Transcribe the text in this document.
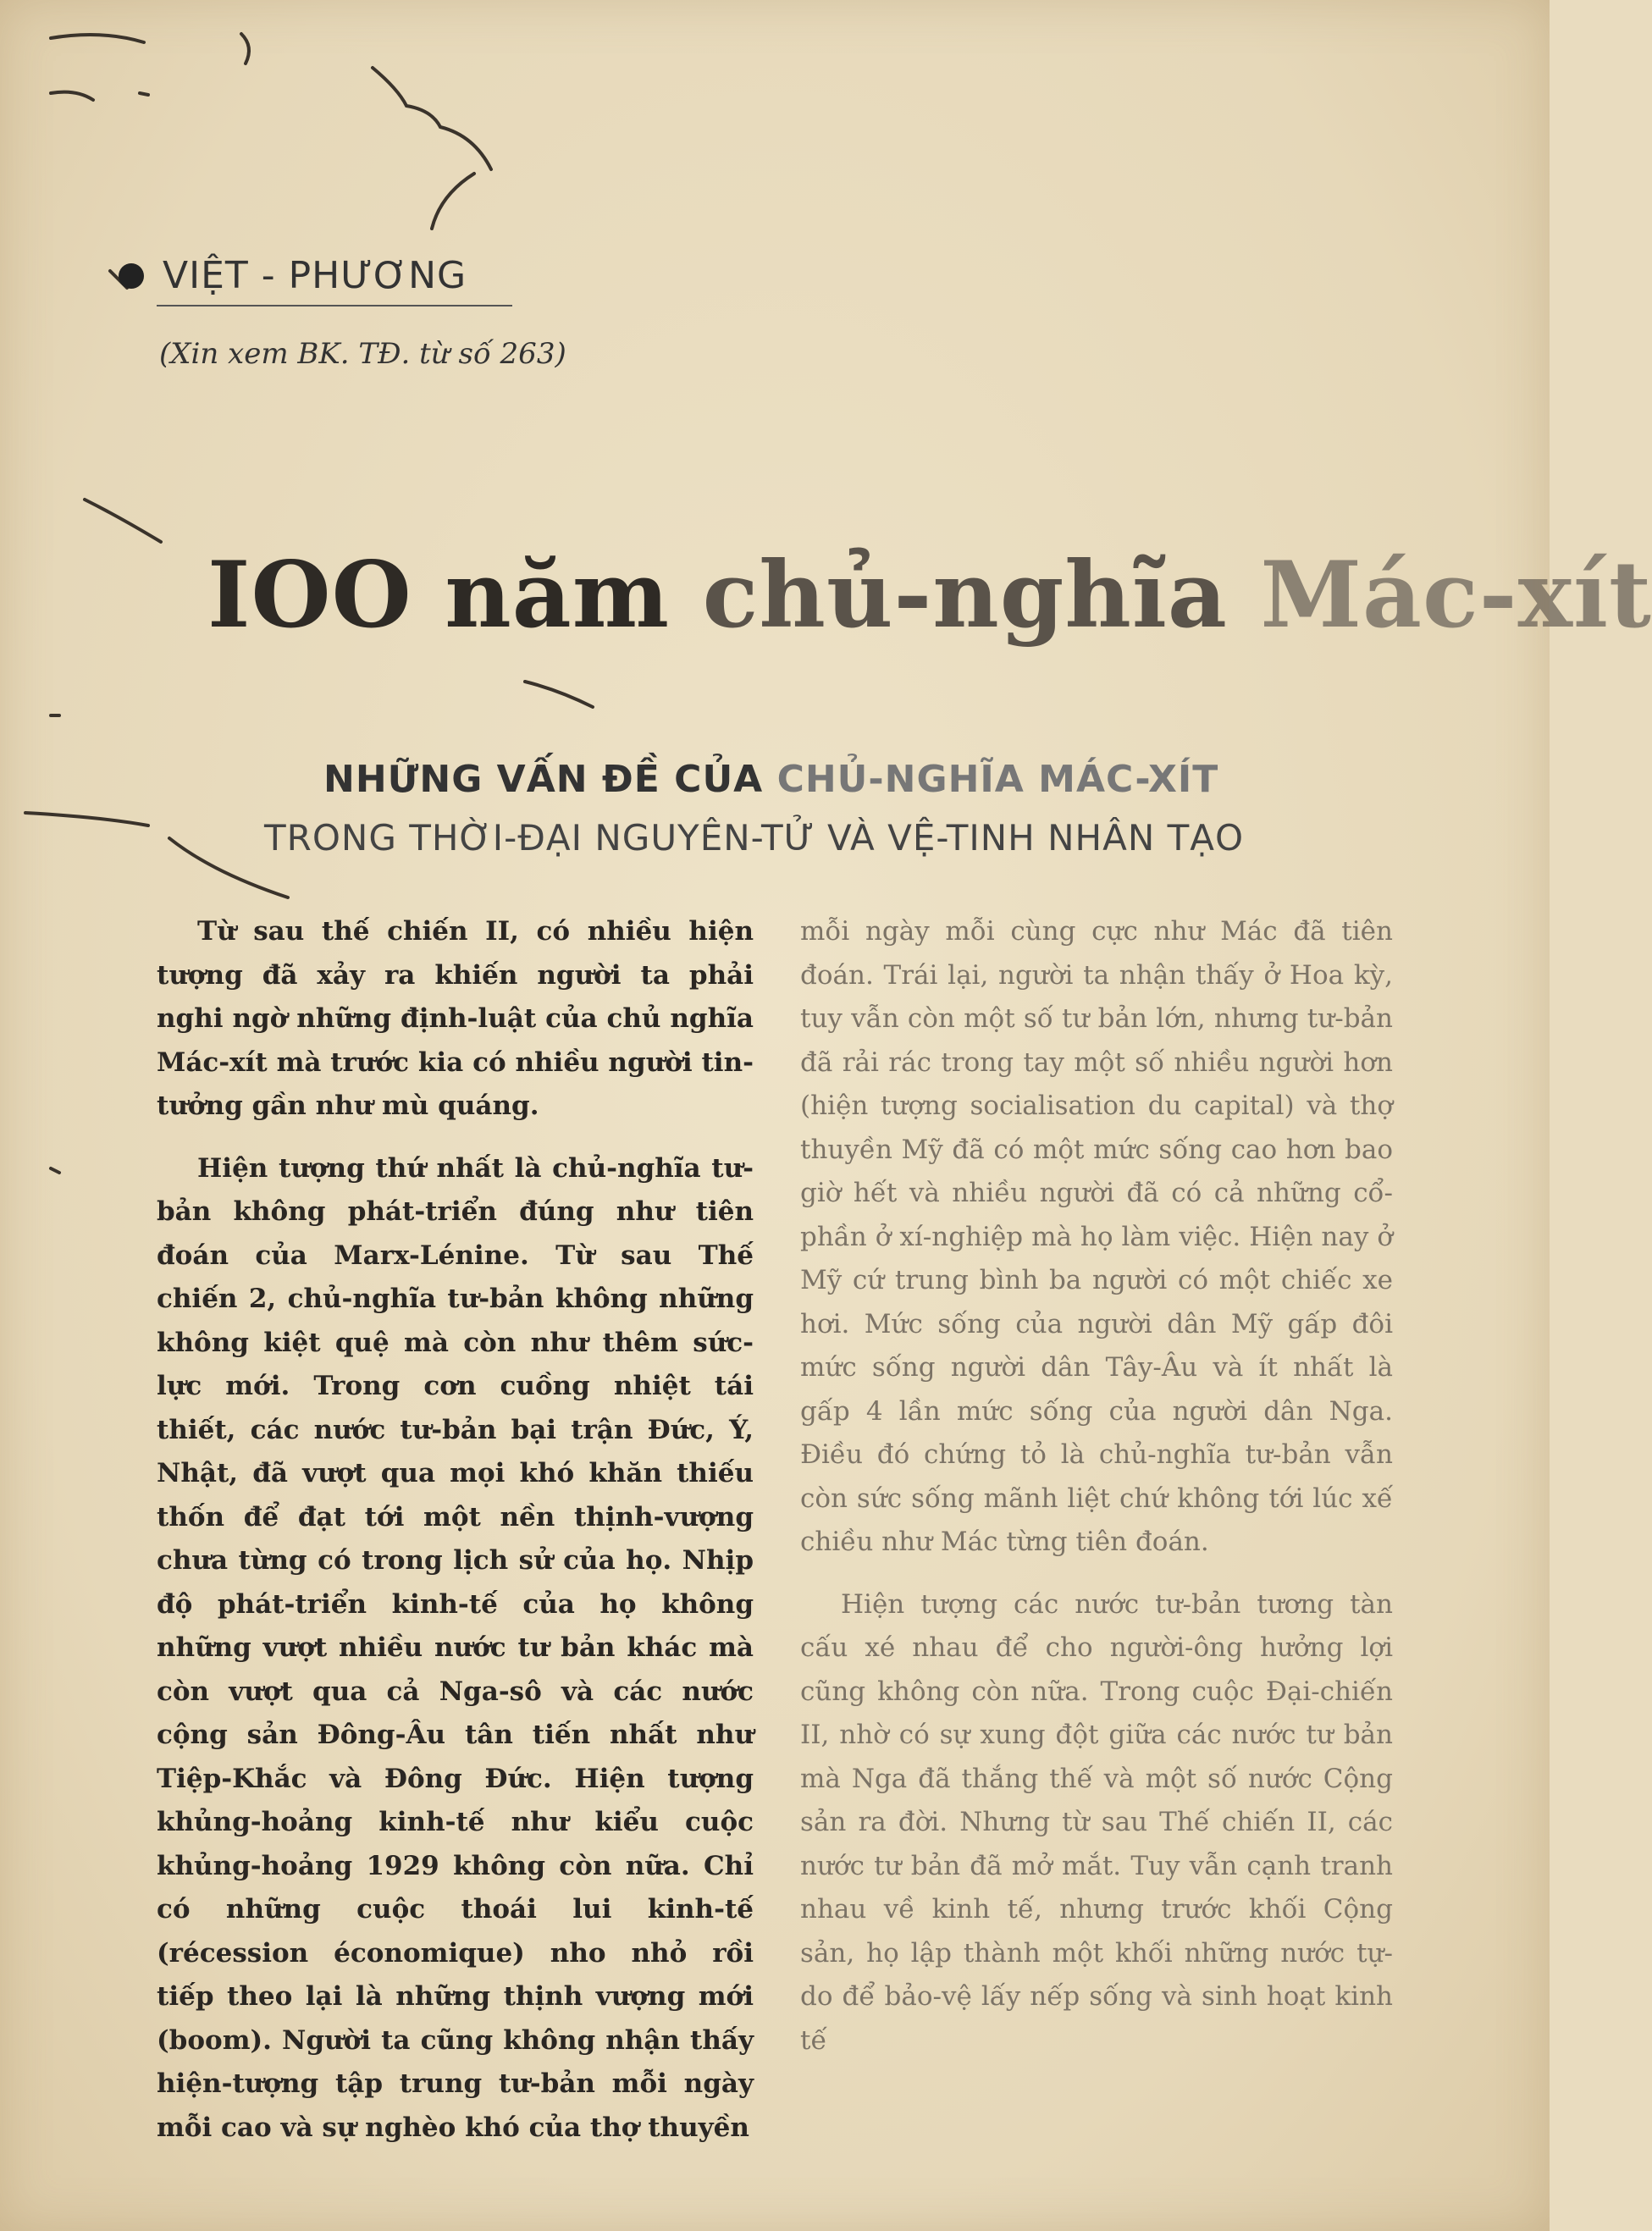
VIỆT - PHƯƠNG
(Xin xem BK. TĐ. từ số 263)
IOO năm chủ-nghĩa Mác-xít
NHỮNG VẤN ĐỀ CỦA CHỦ-NGHĨA MÁC-XÍT
TRONG THỜI-ĐẠI NGUYÊN-TỬ VÀ VỆ-TINH NHÂN TẠO

Từ sau thế chiến II, có nhiều hiện tượng đã xảy ra khiến người ta phải nghi ngờ những định-luật của chủ nghĩa Mác-xít mà trước kia có nhiều người tin-tưởng gần như mù quáng.

Hiện tượng thứ nhất là chủ-nghĩa tư-bản không phát-triển đúng như tiên đoán của Marx-Lénine. Từ sau Thế chiến 2, chủ-nghĩa tư-bản không những không kiệt quệ mà còn như thêm sức-lực mới. Trong cơn cuồng nhiệt tái thiết, các nước tư-bản bại trận Đức, Ý, Nhật, đã vượt qua mọi khó khăn thiếu thốn để đạt tới một nền thịnh-vượng chưa từng có trong lịch sử của họ. Nhịp độ phát-triển kinh-tế của họ không những vượt nhiều nước tư bản khác mà còn vượt qua cả Nga-sô và các nước cộng sản Đông-Âu tân tiến nhất như Tiệp-Khắc và Đông Đức. Hiện tượng khủng-hoảng kinh-tế như kiểu cuộc khủng-hoảng 1929 không còn nữa. Chỉ có những cuộc thoái lui kinh-tế (récession économique) nho nhỏ rồi tiếp theo lại là những thịnh vượng mới (boom). Người ta cũng không nhận thấy hiện-tượng tập trung tư-bản mỗi ngày mỗi cao và sự nghèo khó của thợ thuyền

mỗi ngày mỗi cùng cực như Mác đã tiên đoán. Trái lại, người ta nhận thấy ở Hoa kỳ, tuy vẫn còn một số tư bản lớn, nhưng tư-bản đã rải rác trong tay một số nhiều người hơn (hiện tượng socialisation du capital) và thợ thuyền Mỹ đã có một mức sống cao hơn bao giờ hết và nhiều người đã có cả những cổ-phần ở xí-nghiệp mà họ làm việc. Hiện nay ở Mỹ cứ trung bình ba người có một chiếc xe hơi. Mức sống của người dân Mỹ gấp đôi mức sống người dân Tây-Âu và ít nhất là gấp 4 lần mức sống của người dân Nga. Điều đó chứng tỏ là chủ-nghĩa tư-bản vẫn còn sức sống mãnh liệt chứ không tới lúc xế chiều như Mác từng tiên đoán.

Hiện tượng các nước tư-bản tương tàn cấu xé nhau để cho người-ông hưởng lợi cũng không còn nữa. Trong cuộc Đại-chiến II, nhờ có sự xung đột giữa các nước tư bản mà Nga đã thắng thế và một số nước Cộng sản ra đời. Nhưng từ sau Thế chiến II, các nước tư bản đã mở mắt. Tuy vẫn cạnh tranh nhau về kinh tế, nhưng trước khối Cộng sản, họ lập thành một khối những nước tự-do để bảo-vệ lấy nếp sống và sinh hoạt kinh tế
